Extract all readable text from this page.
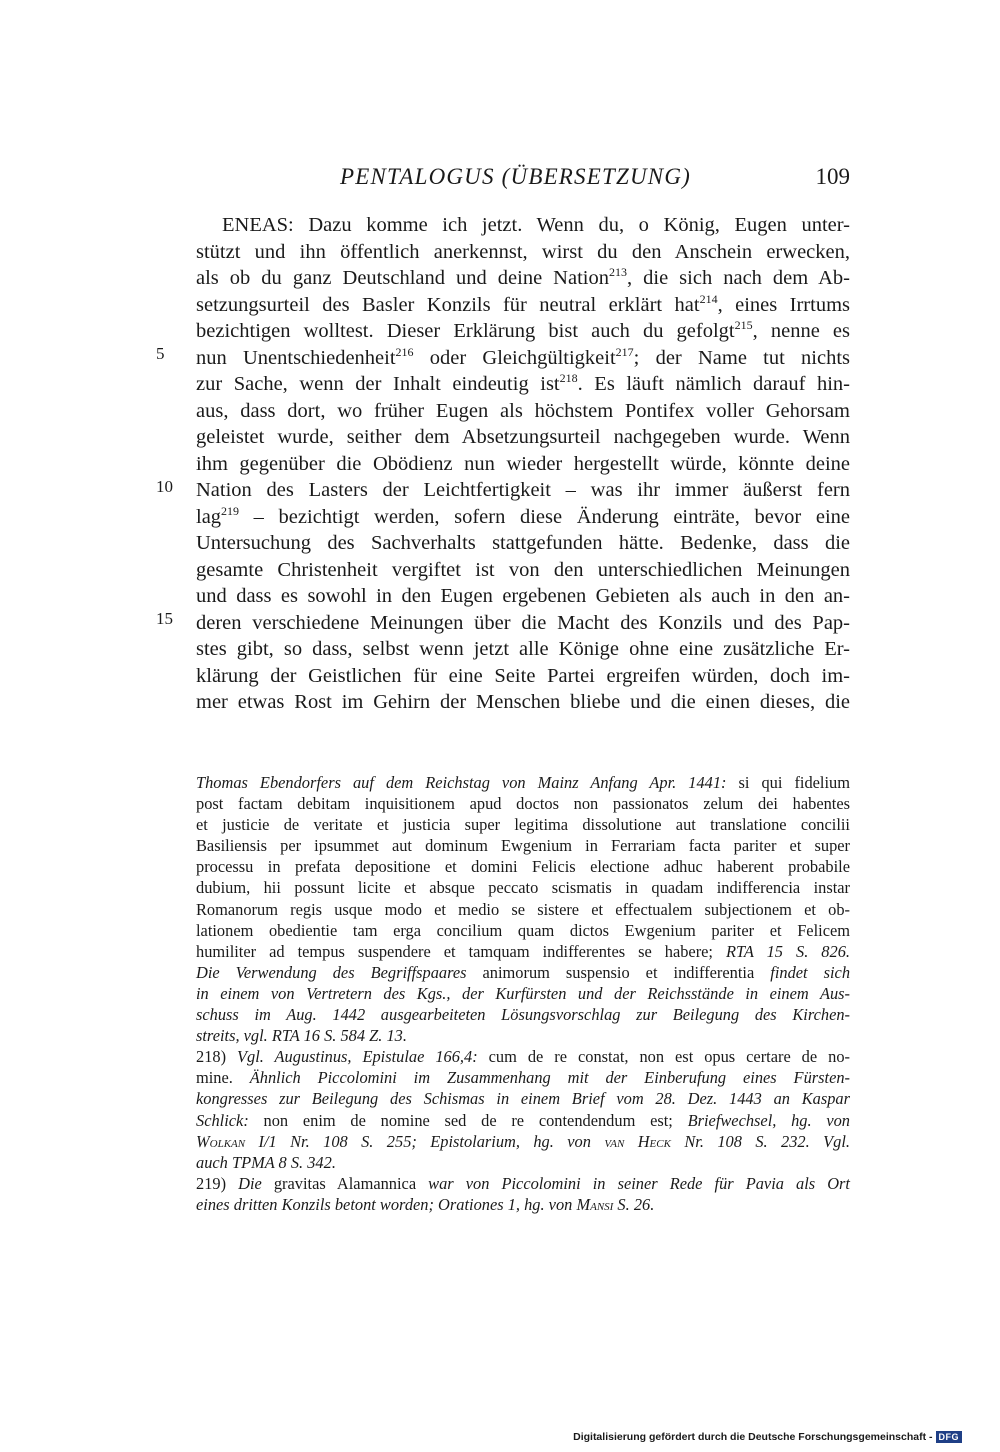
PENTALOGUS (ÜBERSETZUNG)	109
5
10
15
ENEAS: Dazu komme ich jetzt. Wenn du, o König, Eugen unter-
stützt und ihn öffentlich anerkennst, wirst du den Anschein erwecken,
als ob du ganz Deutschland und deine Nation$^{213}$, die sich nach dem Ab-
setzungsurteil des Basler Konzils für neutral erklärt hat$^{214}$, eines Irrtums
bezichtigen wolltest. Dieser Erklärung bist auch du gefolgt$^{215}$, nenne es
nun Unentschiedenheit$^{216}$ oder Gleichgültigkeit$^{217}$; der Name tut nichts
zur Sache, wenn der Inhalt eindeutig ist$^{218}$. Es läuft nämlich darauf hin-
aus, dass dort, wo früher Eugen als höchstem Pontifex voller Gehorsam
geleistet wurde, seither dem Absetzungsurteil nachgegeben wurde. Wenn
ihm gegenüber die Obödienz nun wieder hergestellt würde, könnte deine
Nation des Lasters der Leichtfertigkeit – was ihr immer äußerst fern
lag$^{219}$ – bezichtigt werden, sofern diese Änderung einträte, bevor eine
Untersuchung des Sachverhalts stattgefunden hätte. Bedenke, dass die
gesamte Christenheit vergiftet ist von den unterschiedlichen Meinungen
und dass es sowohl in den Eugen ergebenen Gebieten als auch in den an-
deren verschiedene Meinungen über die Macht des Konzils und des Pap-
stes gibt, so dass, selbst wenn jetzt alle Könige ohne eine zusätzliche Er-
klärung der Geistlichen für eine Seite Partei ergreifen würden, doch im-
mer etwas Rost im Gehirn der Menschen bliebe und die einen dieses, die
Thomas Ebendorfers auf dem Reichstag von Mainz Anfang Apr. 1441: si qui fidelium
post factam debitam inquisitionem apud doctos non passionatos zelum dei habentes
et justicie de veritate et justicia super legitima dissolutione aut translatione concilii
Basiliensis per ipsummet aut dominum Ewgenium in Ferrariam facta pariter et super
processu in prefata depositione et domini Felicis electione adhuc haberent probabile
dubium, hii possunt licite et absque peccato scismatis in quadam indifferencia instar
Romanorum regis usque modo et medio se sistere et effectualem subjectionem et ob-
lationem obedientie tam erga concilium quam dictos Ewgenium pariter et Felicem
humiliter ad tempus suspendere et tamquam indifferentes se habere; RTA 15 S. 826.
Die Verwendung des Begriffspaares animorum suspensio et indifferentia findet sich
in einem von Vertretern des Kgs., der Kurfürsten und der Reichsstände in einem Aus-
schuss im Aug. 1442 ausgearbeiteten Lösungsvorschlag zur Beilegung des Kirchen-
streits, vgl. RTA 16 S. 584 Z. 13.
218) Vgl. Augustinus, Epistulae 166,4: cum de re constat, non est opus certare de no-
mine. Ähnlich Piccolomini im Zusammenhang mit der Einberufung eines Fürsten-
kongresses zur Beilegung des Schismas in einem Brief vom 28. Dez. 1443 an Kaspar
Schlick: non enim de nomine sed de re contendendum est; Briefwechsel, hg. von
Wolkan I/1 Nr. 108 S. 255; Epistolarium, hg. von van Heck Nr. 108 S. 232. Vgl.
auch TPMA 8 S. 342.
219) Die gravitas Alamannica war von Piccolomini in seiner Rede für Pavia als Ort
eines dritten Konzils betont worden; Orationes 1, hg. von Mansi S. 26.
Digitalisierung gefördert durch die Deutsche Forschungsgemeinschaft - DFG
